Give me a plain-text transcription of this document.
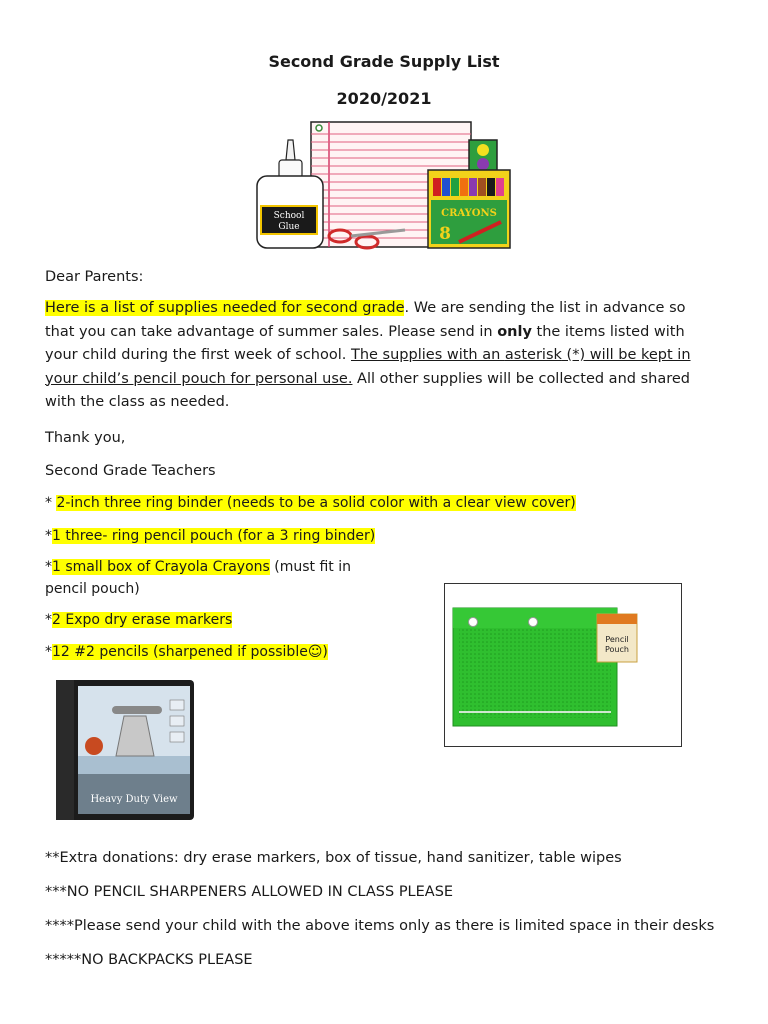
Second Grade Supply List
2020/2021
School
Glue
CRAYONS
8
Dear Parents:

Here is a list of supplies needed for second grade. We are sending the list in advance so that you can take advantage of summer sales. Please send in only the items listed with your child during the first week of school. The supplies with an asterisk (*) will be kept in your child’s pencil pouch for personal use. All other supplies will be collected and shared with the class as needed.

Thank you,
Second Grade Teachers
* 2-inch three ring binder (needs to be a solid color with a clear view cover)
*1 three- ring pencil pouch (for a 3 ring binder)
*1 small box of Crayola Crayons (must fit in
pencil pouch)
*2 Expo dry erase markers
*12 #2 pencils (sharpened if possible☺)
Pencil
Pouch
Heavy Duty View
**Extra donations: dry erase markers, box of tissue, hand sanitizer, table wipes
***NO PENCIL SHARPENERS ALLOWED IN CLASS PLEASE
****Please send your child with the above items only as there is limited space in their desks
*****NO BACKPACKS PLEASE
